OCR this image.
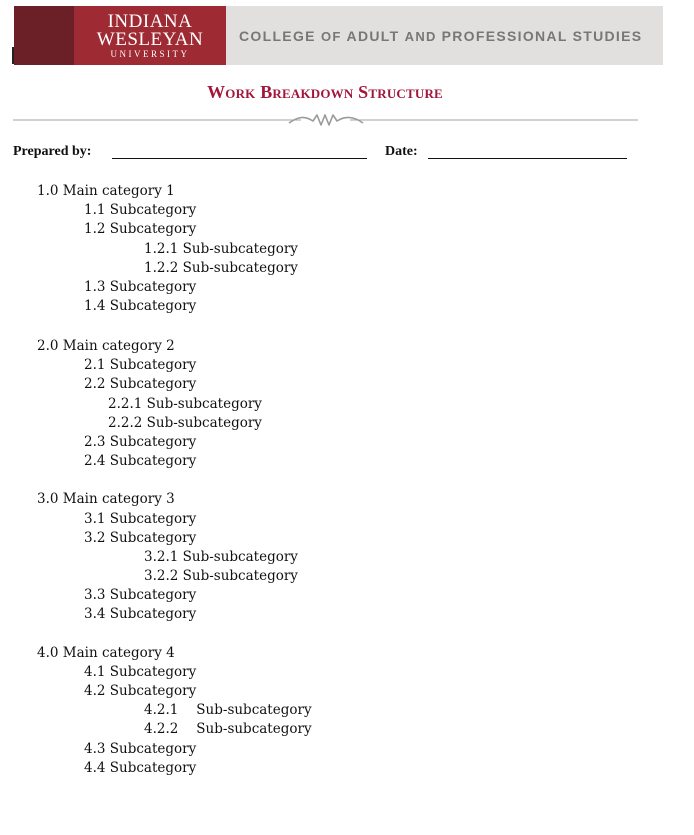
INDIANA
WESLEYAN
UNIVERSITY
COLLEGE OF ADULT AND PROFESSIONAL STUDIES
Work Breakdown Structure
Prepared by:	Date:
1.0 Main category 1
1.1 Subcategory
1.2 Subcategory
1.2.1 Sub-subcategory
1.2.2 Sub-subcategory
1.3 Subcategory
1.4 Subcategory
2.0 Main category 2
2.1 Subcategory
2.2 Subcategory
2.2.1 Sub-subcategory
2.2.2 Sub-subcategory
2.3 Subcategory
2.4 Subcategory
3.0 Main category 3
3.1 Subcategory
3.2 Subcategory
3.2.1 Sub-subcategory
3.2.2 Sub-subcategory
3.3 Subcategory
3.4 Subcategory
4.0 Main category 4
4.1 Subcategory
4.2 Subcategory
4.2.1 Sub-subcategory
4.2.2 Sub-subcategory
4.3 Subcategory
4.4 Subcategory
